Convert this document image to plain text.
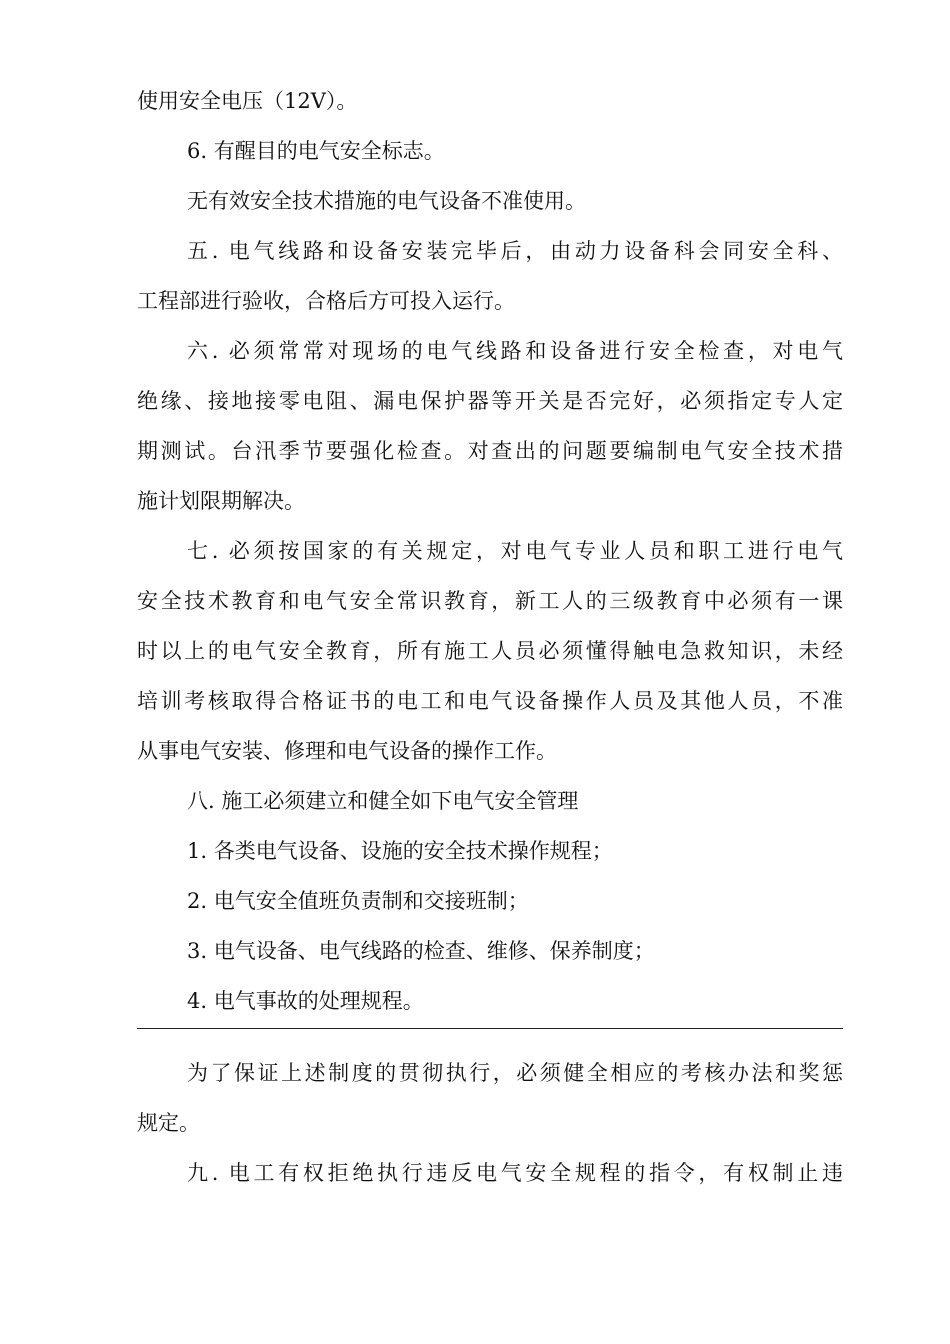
使用安全电压（12V）。
6. 有醒目的电气安全标志。
无有效安全技术措施的电气设备不准使用。
五. 电气线路和设备安装完毕后，由动力设备科会同安全科、
工程部进行验收，合格后方可投入运行。
六. 必须常常对现场的电气线路和设备进行安全检查，对电气
绝缘、接地接零电阻、漏电保护器等开关是否完好，必须指定专人定
期测试。台汛季节要强化检查。对查出的问题要编制电气安全技术措
施计划限期解决。
七. 必须按国家的有关规定，对电气专业人员和职工进行电气
安全技术教育和电气安全常识教育，新工人的三级教育中必须有一课
时以上的电气安全教育，所有施工人员必须懂得触电急救知识，未经
培训考核取得合格证书的电工和电气设备操作人员及其他人员，不准
从事电气安装、修理和电气设备的操作工作。
八. 施工必须建立和健全如下电气安全管理
1. 各类电气设备、设施的安全技术操作规程；
2. 电气安全值班负责制和交接班制；
3. 电气设备、电气线路的检查、维修、保养制度；
4. 电气事故的处理规程。
为了保证上述制度的贯彻执行，必须健全相应的考核办法和奖惩
规定。
九. 电工有权拒绝执行违反电气安全规程的指令，有权制止违
